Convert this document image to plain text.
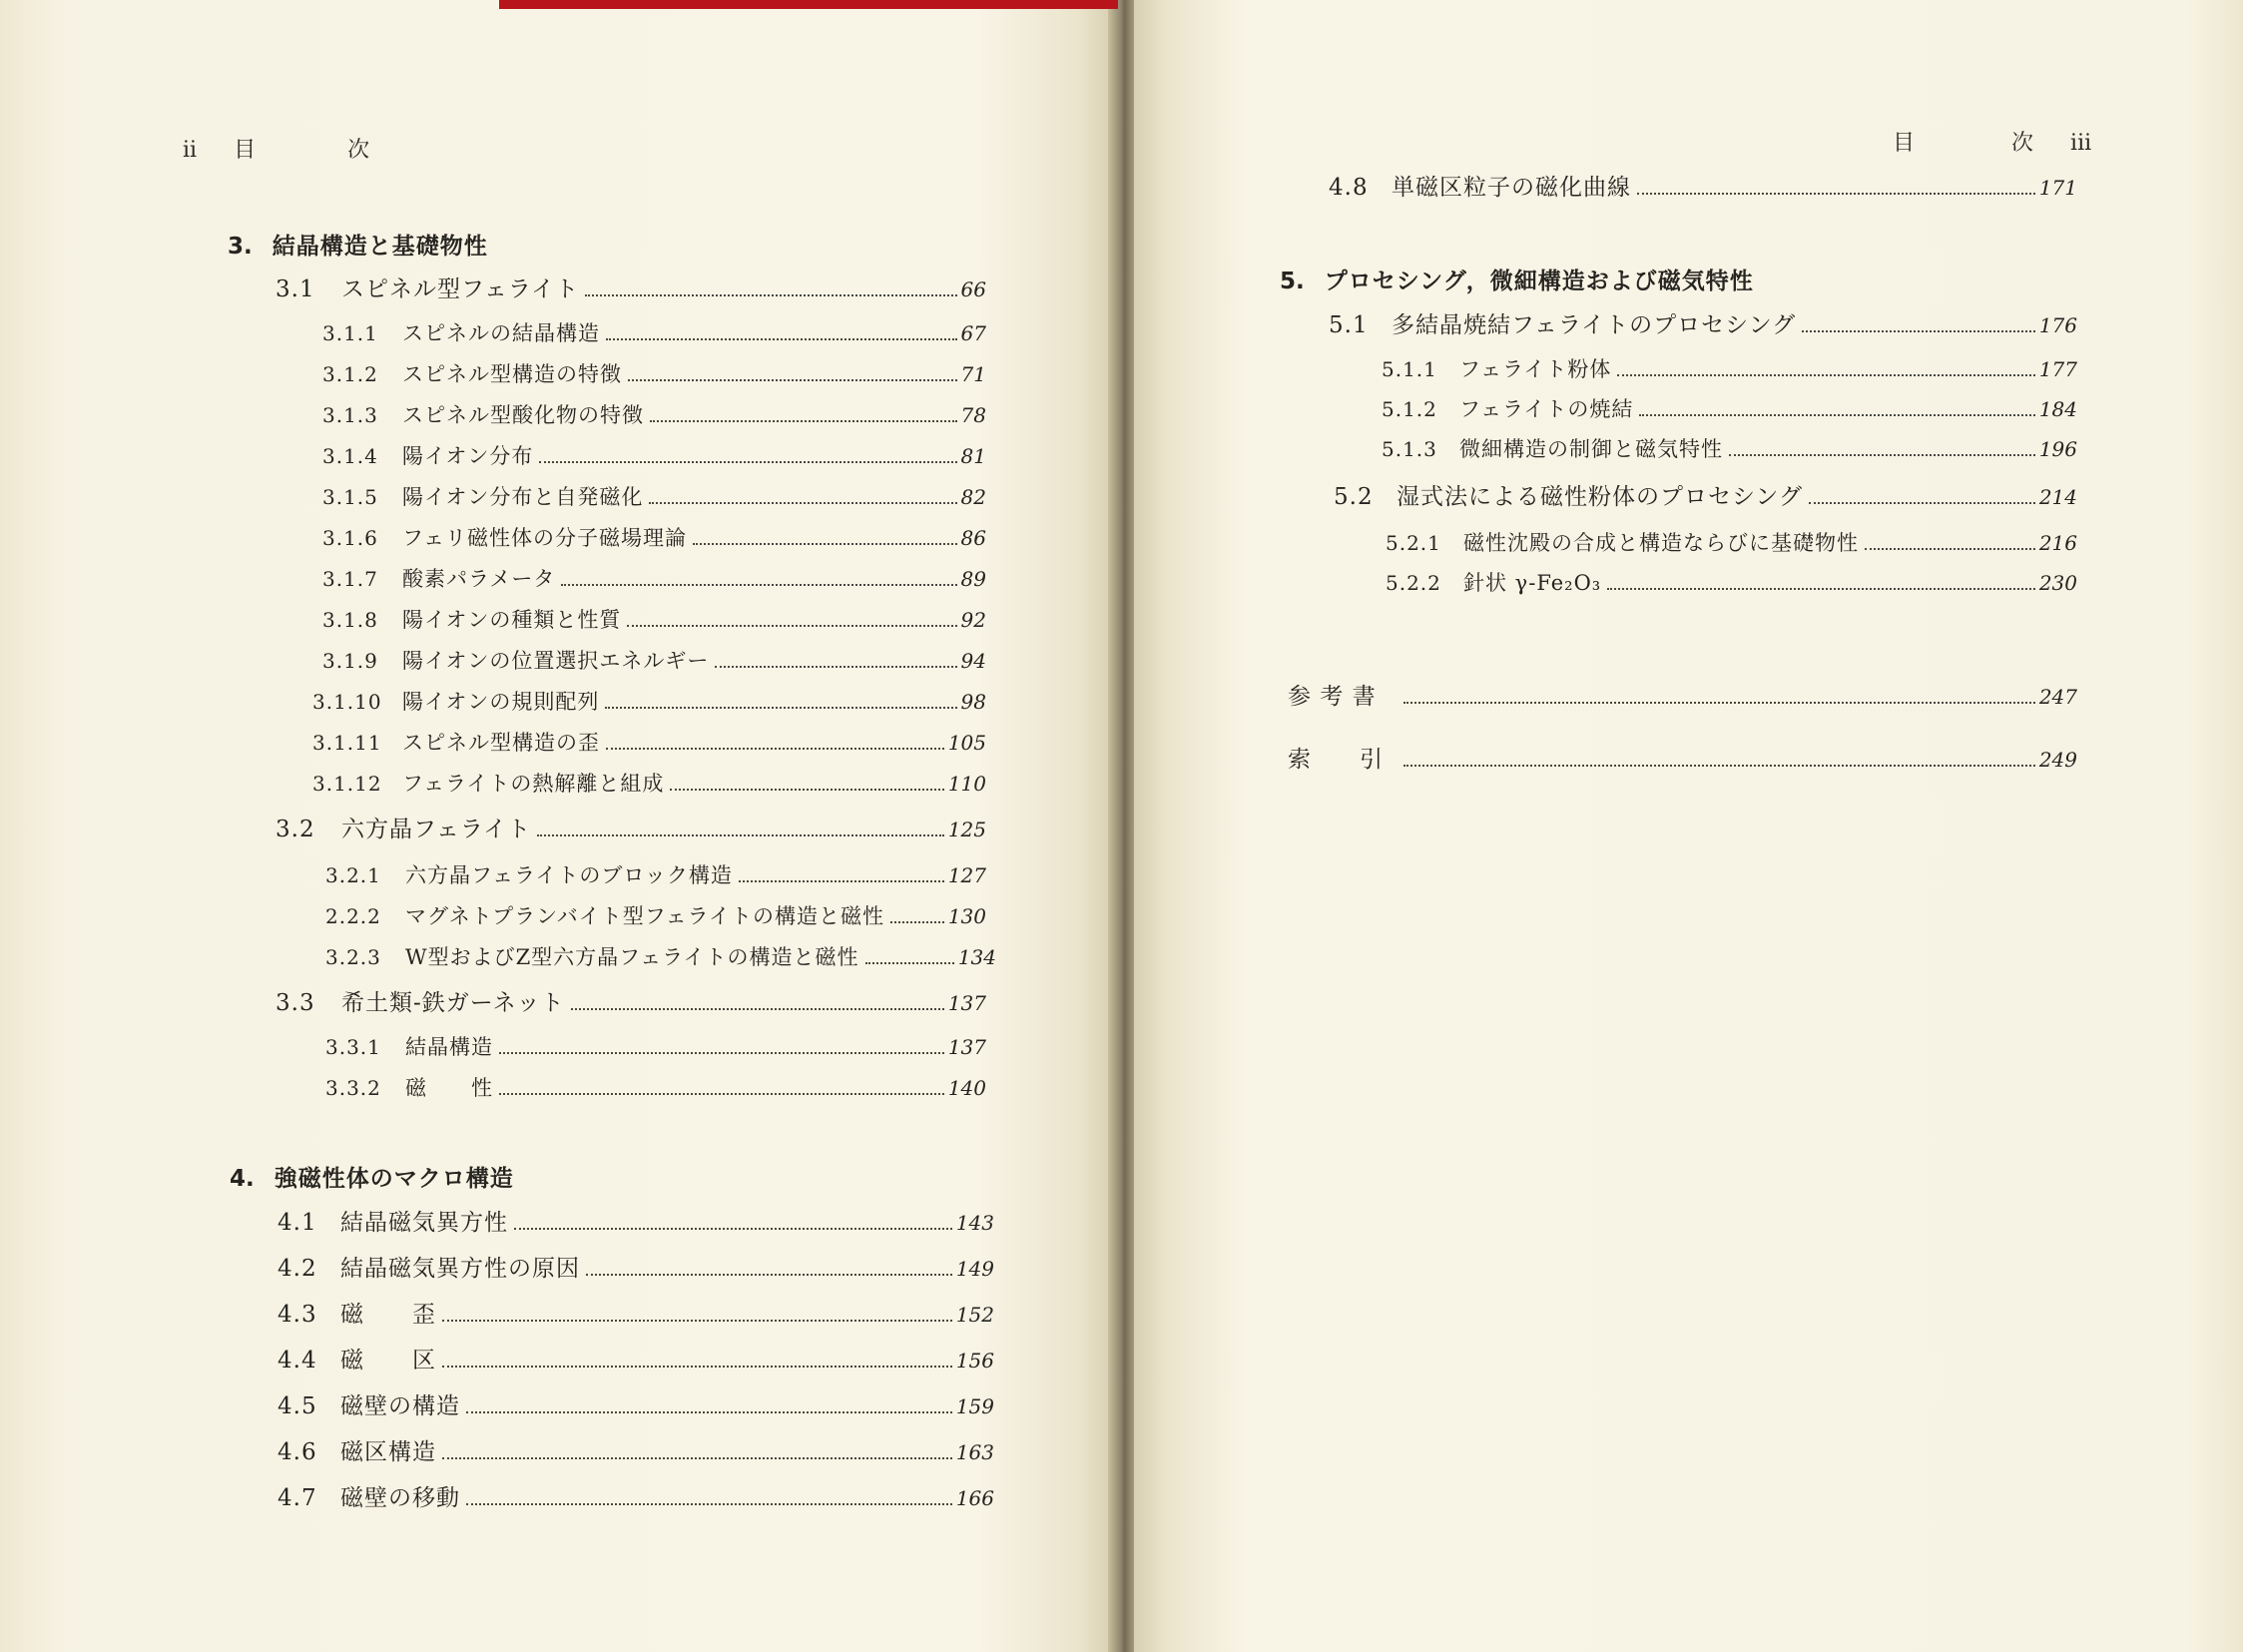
ii 目	次
3. 結晶構造と基礎物性
3.1	スピネル型フェライト	66
3.1.1	スピネルの結晶構造	67
3.1.2	スピネル型構造の特徴	71
3.1.3	スピネル型酸化物の特徴	78
3.1.4	陽イオン分布	81
3.1.5	陽イオン分布と自発磁化	82
3.1.6	フェリ磁性体の分子磁場理論	86
3.1.7	酸素パラメータ	89
3.1.8	陽イオンの種類と性質	92
3.1.9	陽イオンの位置選択エネルギー	94
3.1.10 陽イオンの規則配列	98
3.1.11 スピネル型構造の歪	105
3.1.12 フェライトの熱解離と組成	110
3.2	六方晶フェライト	125
3.2.1	六方晶フェライトのブロック構造	127
2.2.2	マグネトプランバイト型フェライトの構造と磁性	130
3.2.3	W型およびZ型六方晶フェライトの構造と磁性	134
3.3	希土類-鉄ガーネット	137
3.3.1	結晶構造	137
3.3.2	磁　　性	140
4. 強磁性体のマクロ構造
4.1	結晶磁気異方性	143
4.2	結晶磁気異方性の原因	149
4.3	磁　　歪	152
4.4	磁　　区	156
4.5	磁壁の構造	159
4.6	磁区構造	163
4.7	磁壁の移動	166
目	次 iii
4.8	単磁区粒子の磁化曲線	171
5. プロセシング，微細構造および磁気特性
5.1	多結晶焼結フェライトのプロセシング	176
5.1.1	フェライト粉体	177
5.1.2	フェライトの焼結	184
5.1.3	微細構造の制御と磁気特性	196
5.2	湿式法による磁性粉体のプロセシング	214
5.2.1	磁性沈殿の合成と構造ならびに基礎物性	216
5.2.2	針状 γ-Fe₂O₃	230
参 考 書	247
索　　引	249
